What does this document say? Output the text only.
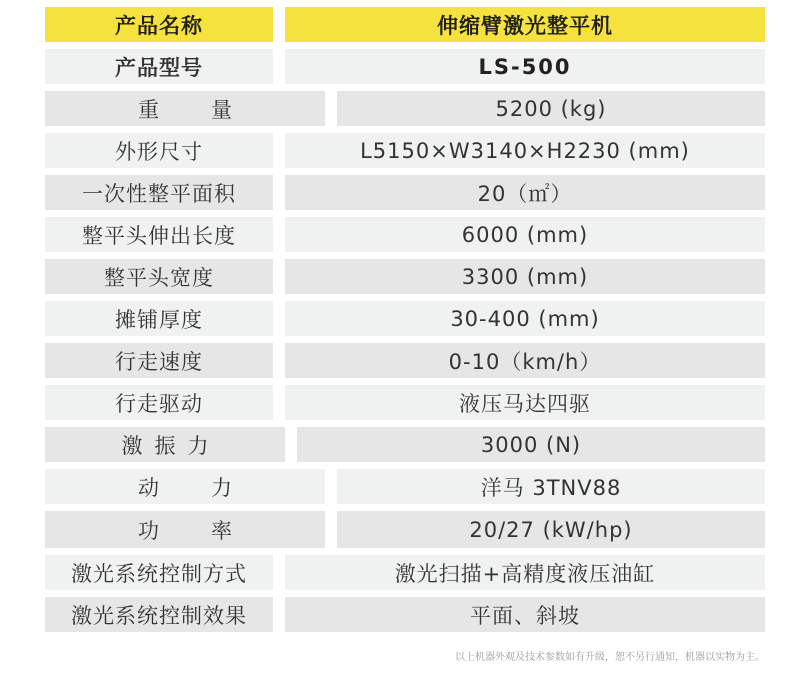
产品名称	伸缩臂激光整平机
产品型号	LS-500
重量	5200 (kg)
外形尺寸	L5150×W3140×H2230 (mm)
一次性整平面积	20（㎡）
整平头伸出长度	6000 (mm)
整平头宽度	3300 (mm)
摊铺厚度	30-400 (mm)
行走速度	0-10（km/h）
行走驱动	液压马达四驱
激振力	3000 (N)
动力	洋马 3TNV88
功率	20/27 (kW/hp)
激光系统控制方式	激光扫描+高精度液压油缸
激光系统控制效果	平面、斜坡
以上机器外观及技术参数如有升级，恕不另行通知，机器以实物为主。
